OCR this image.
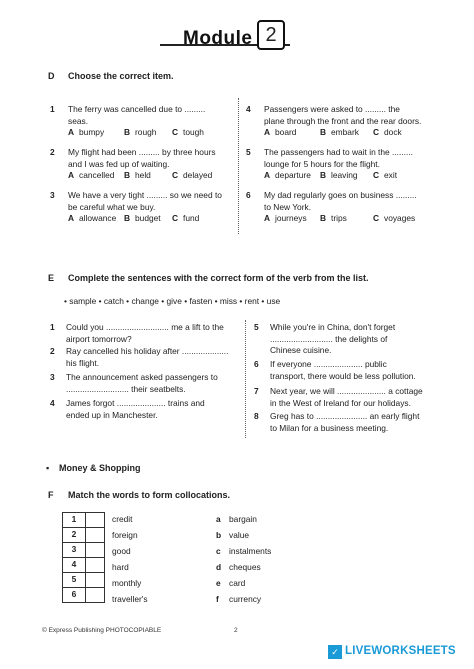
Module 2
D Choose the correct item.
1 The ferry was cancelled due to .........
seas.
A bumpy B rough C tough
2 My flight had been ......... by three hours
and I was fed up of waiting.
A cancelled B held	C delayed
3 We have a very tight ......... so we need to
be careful what we buy.
A allowance B budget C fund
4 Passengers were asked to ......... the
plane through the front and the rear doors.
A board	B embark C dock
5 The passengers had to wait in the .........
lounge for 5 hours for the flight.
A departure B leaving C exit
6 My dad regularly goes on business .........
to New York.
A journeys B trips	C voyages
E Complete the sentences with the correct form of the verb from the list.
• sample • catch • change • give • fasten • miss • rent • use
1 Could you ........................... me a lift to the
airport tomorrow?
2 Ray cancelled his holiday after ....................
his flight.
3 The announcement asked passengers to
........................... their seatbelts.
4 James forgot ..................... trains and
ended up in Manchester.
5 While you're in China, don't forget
........................... the delights of
Chinese cuisine.
6 If everyone ..................... public
transport, there would be less pollution.
7 Next year, we will ..................... a cottage
in the West of Ireland for our holidays.
8 Greg has to ...................... an early flight
to Milan for a business meeting.
▪ Money & Shopping
F Match the words to form collocations.
1	
2	
3	
4	
5	
6	
credit	a bargain
foreign	b value
good	c instalments
hard	d cheques
monthly	e card
traveller's	f currency
© Express Publishing PHOTOCOPIABLE	2
✓ LIVEWORKSHEETS
